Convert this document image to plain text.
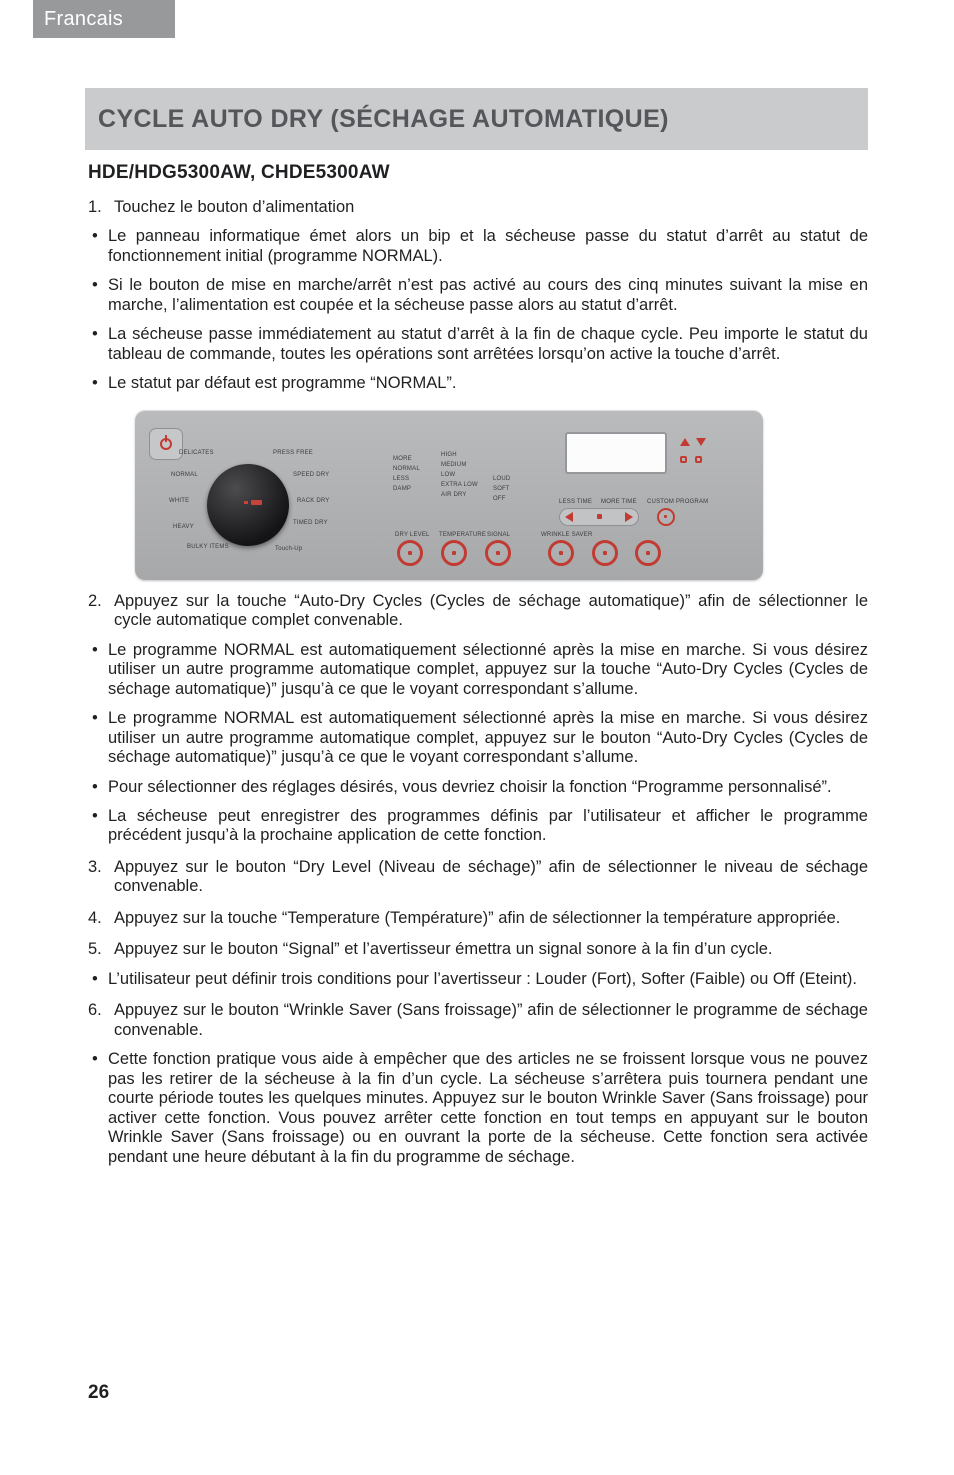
Francais
CYCLE AUTO DRY (SÉCHAGE AUTOMATIQUE)
HDE/HDG5300AW, CHDE5300AW
1. Touchez le bouton d’alimentation
•
Le panneau informatique émet alors un bip et la sécheuse passe du statut d’arrêt au statut de fonctionnement initial (programme NORMAL).
•
Si le bouton de mise en marche/arrêt n’est pas activé au cours des cinq minutes suivant la mise en marche, l’alimentation est coupée et la sécheuse passe alors au statut d’arrêt.
•
La sécheuse passe immédiatement au statut d’arrêt à la fin de chaque cycle. Peu importe le statut du tableau de commande, toutes les opérations sont arrêtées lorsqu’on active la touche d’arrêt.
•
Le statut par défaut est programme “NORMAL”.
DELICATES	PRESS FREE
NORMAL	SPEED DRY
WHITE	RACK DRY
HEAVY
TIMED DRY
BULKY ITEMS	Touch-Up
MORE
NORMAL
LESS
DAMP
HIGH
MEDIUM
LOW
EXTRA LOW
AIR DRY
LOUD
SOFT
OFF
DRY LEVEL TEMPERATURE SIGNAL	WRINKLE SAVER
LESS TIME MORE TIME CUSTOM PROGRAM
2. Appuyez sur la touche “Auto-Dry Cycles (Cycles de séchage automatique)” afin de sélectionner le cycle automatique complet convenable.
•
Le programme NORMAL est automatiquement sélectionné après la mise en marche. Si vous désirez utiliser un autre programme automatique complet, appuyez sur la touche “Auto-Dry Cycles (Cycles de séchage automatique)” jusqu’à ce que le voyant correspondant s’allume.
•
Le programme NORMAL est automatiquement sélectionné après la mise en marche. Si vous désirez utiliser un autre programme automatique complet, appuyez sur le bouton “Auto-Dry Cycles (Cycles de séchage automatique)” jusqu’à ce que le voyant correspondant s’allume.
•
Pour sélectionner des réglages désirés, vous devriez choisir la fonction “Programme personnalisé”.
•
La sécheuse peut enregistrer des programmes définis par l’utilisateur et afficher le programme précédent jusqu’à la prochaine application de cette fonction.
3. Appuyez sur le bouton “Dry Level (Niveau de séchage)” afin de sélectionner le niveau de séchage convenable.
4. Appuyez sur la touche “Temperature (Température)” afin de sélectionner la température appropriée.
5. Appuyez sur le bouton “Signal” et l’avertisseur émettra un signal sonore à la fin d’un cycle.
•
L’utilisateur peut définir trois conditions pour l’avertisseur : Louder (Fort), Softer (Faible) ou Off (Eteint).
6. Appuyez sur le bouton “Wrinkle Saver (Sans froissage)” afin de sélectionner le programme de séchage convenable.
•
Cette fonction pratique vous aide à empêcher que des articles ne se froissent lorsque vous ne pouvez pas les retirer de la sécheuse à la fin d’un cycle. La sécheuse s’arrêtera puis tournera pendant une courte période toutes les quelques minutes. Appuyez sur le bouton Wrinkle Saver (Sans froissage) pour activer cette fonction. Vous pouvez arrêter cette fonction en tout temps en appuyant sur le bouton Wrinkle Saver (Sans froissage) ou en ouvrant la porte de la sécheuse. Cette fonction sera activée pendant une heure débutant à la fin du programme de séchage.
26
